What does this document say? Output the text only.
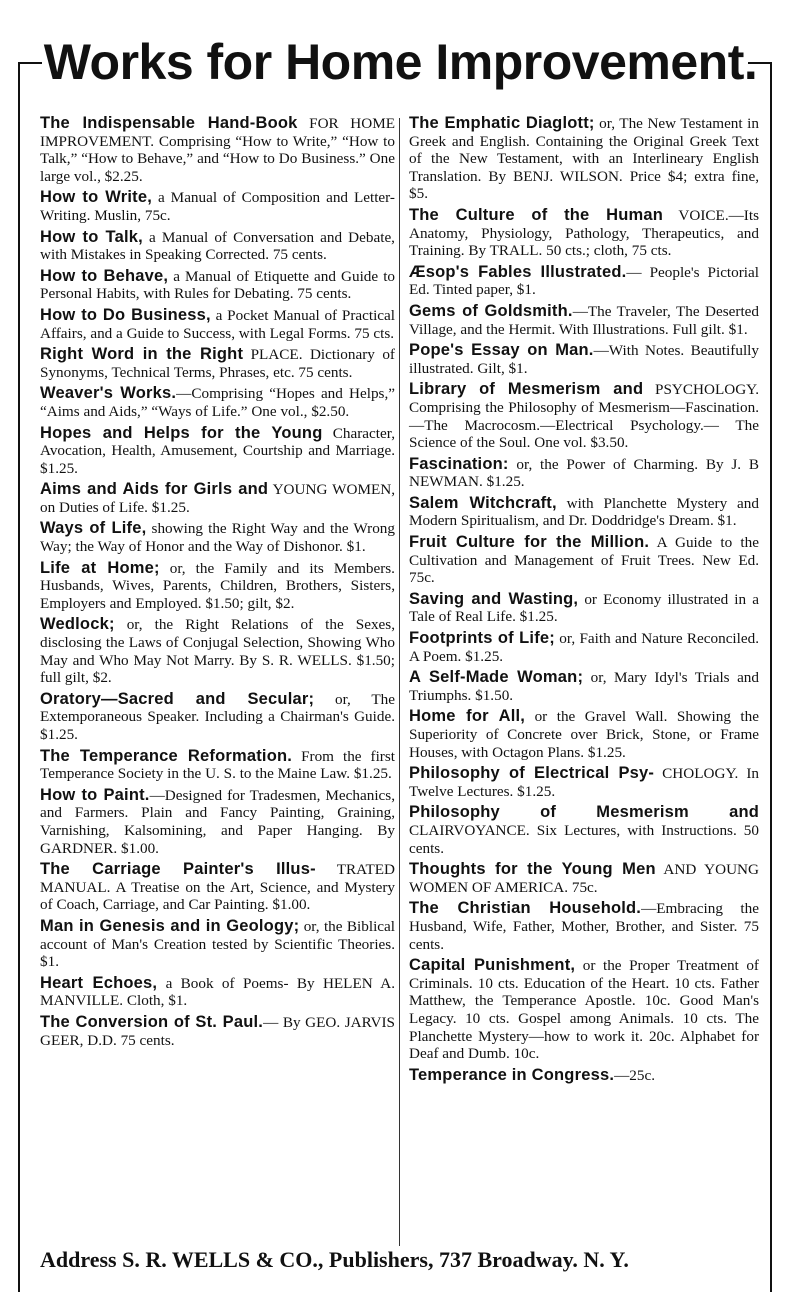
Works for Home Improvement.
The Indispensable Hand-Book FOR HOME IMPROVEMENT. Comprising “How to Write,” “How to Talk,” “How to Behave,” and “How to Do Business.” One large vol., $2.25.
How to Write, a Manual of Composition and Letter-Writing. Muslin, 75c.
How to Talk, a Manual of Conversation and Debate, with Mistakes in Speaking Corrected. 75 cents.
How to Behave, a Manual of Etiquette and Guide to Personal Habits, with Rules for Debating. 75 cents.
How to Do Business, a Pocket Manual of Practical Affairs, and a Guide to Success, with Legal Forms. 75 cts.
Right Word in the Right PLACE. Dictionary of Synonyms, Technical Terms, Phrases, etc. 75 cents.
Weaver's Works.—Comprising “Hopes and Helps,” “Aims and Aids,” “Ways of Life.” One vol., $2.50.
Hopes and Helps for the Young Character, Avocation, Health, Amusement, Courtship and Marriage. $1.25.
Aims and Aids for Girls and YOUNG WOMEN, on Duties of Life. $1.25.
Ways of Life, showing the Right Way and the Wrong Way; the Way of Honor and the Way of Dishonor. $1.
Life at Home; or, the Family and its Members. Husbands, Wives, Parents, Children, Brothers, Sisters, Employers and Employed. $1.50; gilt, $2.
Wedlock; or, the Right Relations of the Sexes, disclosing the Laws of Conjugal Selection, Showing Who May and Who May Not Marry. By S. R. WELLS. $1.50; full gilt, $2.
Oratory—Sacred and Secular; or, The Extemporaneous Speaker. Including a Chairman's Guide. $1.25.
The Temperance Reformation. From the first Temperance Society in the U. S. to the Maine Law. $1.25.
How to Paint.—Designed for Tradesmen, Mechanics, and Farmers. Plain and Fancy Painting, Graining, Varnishing, Kalsomining, and Paper Hanging. By GARDNER. $1.00.
The Carriage Painter's Illus- TRATED MANUAL. A Treatise on the Art, Science, and Mystery of Coach, Carriage, and Car Painting. $1.00.
Man in Genesis and in Geology; or, the Biblical account of Man's Creation tested by Scientific Theories. $1.
Heart Echoes, a Book of Poems- By HELEN A. MANVILLE. Cloth, $1.
The Conversion of St. Paul.— By GEO. JARVIS GEER, D.D. 75 cents.
The Emphatic Diaglott; or, The New Testament in Greek and English. Containing the Original Greek Text of the New Testament, with an Interlineary English Translation. By BENJ. WILSON. Price $4; extra fine, $5.
The Culture of the Human VOICE.—Its Anatomy, Physiology, Pathology, Therapeutics, and Training. By TRALL. 50 cts.; cloth, 75 cts.
Æsop's Fables Illustrated.— People's Pictorial Ed. Tinted paper, $1.
Gems of Goldsmith.—The Traveler, The Deserted Village, and the Hermit. With Illustrations. Full gilt. $1.
Pope's Essay on Man.—With Notes. Beautifully illustrated. Gilt, $1.
Library of Mesmerism and PSYCHOLOGY. Comprising the Philosophy of Mesmerism—Fascination.—The Macrocosm.—Electrical Psychology.— The Science of the Soul. One vol. $3.50.
Fascination: or, the Power of Charming. By J. B NEWMAN. $1.25.
Salem Witchcraft, with Planchette Mystery and Modern Spiritualism, and Dr. Doddridge's Dream. $1.
Fruit Culture for the Million. A Guide to the Cultivation and Management of Fruit Trees. New Ed. 75c.
Saving and Wasting, or Economy illustrated in a Tale of Real Life. $1.25.
Footprints of Life; or, Faith and Nature Reconciled. A Poem. $1.25.
A Self-Made Woman; or, Mary Idyl's Trials and Triumphs. $1.50.
Home for All, or the Gravel Wall. Showing the Superiority of Concrete over Brick, Stone, or Frame Houses, with Octagon Plans. $1.25.
Philosophy of Electrical Psy- CHOLOGY. In Twelve Lectures. $1.25.
Philosophy of Mesmerism and CLAIRVOYANCE. Six Lectures, with Instructions. 50 cents.
Thoughts for the Young Men AND YOUNG WOMEN OF AMERICA. 75c.
The Christian Household.—Embracing the Husband, Wife, Father, Mother, Brother, and Sister. 75 cents.
Capital Punishment, or the Proper Treatment of Criminals. 10 cts. Education of the Heart. 10 cts. Father Matthew, the Temperance Apostle. 10c. Good Man's Legacy. 10 cts. Gospel among Animals. 10 cts. The Planchette Mystery—how to work it. 20c. Alphabet for Deaf and Dumb. 10c.
Temperance in Congress.—25c.
Address S. R. WELLS & CO., Publishers, 737 Broadway. N. Y.
